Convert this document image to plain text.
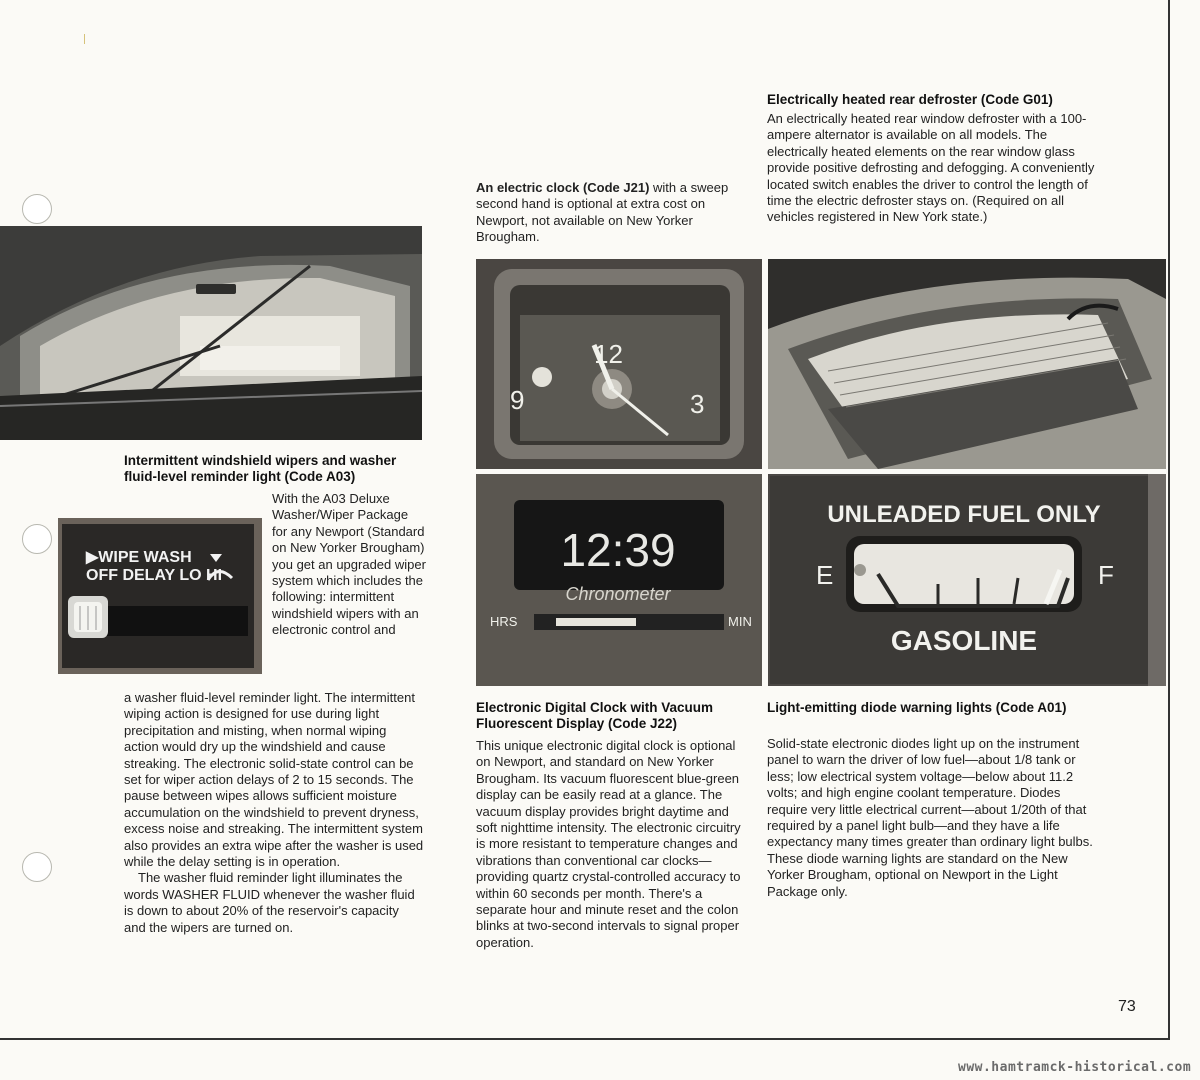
▶WIPE WASH
OFF DELAY LO HI
12
9	3
12:39
Chronometer
HRS	MIN
UNLEADED FUEL ONLY
E	F
GASOLINE
Electrically heated rear defroster (Code G01)
An electrically heated rear window defroster with a 100-ampere alternator is available on all models. The electrically heated elements on the rear window glass provide positive defrosting and defogging. A conveniently located switch enables the driver to control the length of time the electric defroster stays on. (Required on all vehicles registered in New York state.)
An electric clock (Code J21) with a sweep second hand is optional at extra cost on Newport, not available on New Yorker Brougham.
Intermittent windshield wipers and washer fluid-level reminder light (Code A03)
With the A03 Deluxe Washer/Wiper Package for any Newport (Standard on New Yorker Brougham) you get an upgraded wiper system which includes the following: intermittent windshield wipers with an electronic control and

a washer fluid-level reminder light. The intermittent wiping action is designed for use during light precipitation and misting, when normal wiping action would dry up the windshield and cause streaking. The electronic solid-state control can be set for wiper action delays of 2 to 15 seconds. The pause between wipes allows sufficient moisture accumulation on the windshield to prevent dryness, excess noise and streaking. The intermittent system also provides an extra wipe after the washer is used while the delay setting is in operation.

The washer fluid reminder light illuminates the words WASHER FLUID whenever the washer fluid is down to about 20% of the reservoir's capacity and the wipers are turned on.

Electronic Digital Clock with Vacuum Fluorescent Display (Code J22)
This unique electronic digital clock is optional on Newport, and standard on New Yorker Brougham. Its vacuum fluorescent blue-green display can be easily read at a glance. The vacuum display provides bright daytime and soft nighttime intensity. The electronic circuitry is more resistant to temperature changes and vibrations than conventional car clocks—providing quartz crystal-controlled accuracy to within 60 seconds per month. There's a separate hour and minute reset and the colon blinks at two-second intervals to signal proper operation.
Light-emitting diode warning lights (Code A01)
Solid-state electronic diodes light up on the instrument panel to warn the driver of low fuel—about 1/8 tank or less; low electrical system voltage—below about 11.2 volts; and high engine coolant temperature. Diodes require very little electrical current—about 1/20th of that required by a panel light bulb—and they have a life expectancy many times greater than ordinary light bulbs. These diode warning lights are standard on the New Yorker Brougham, optional on Newport in the Light Package only.
73
www.hamtramck-historical.com
